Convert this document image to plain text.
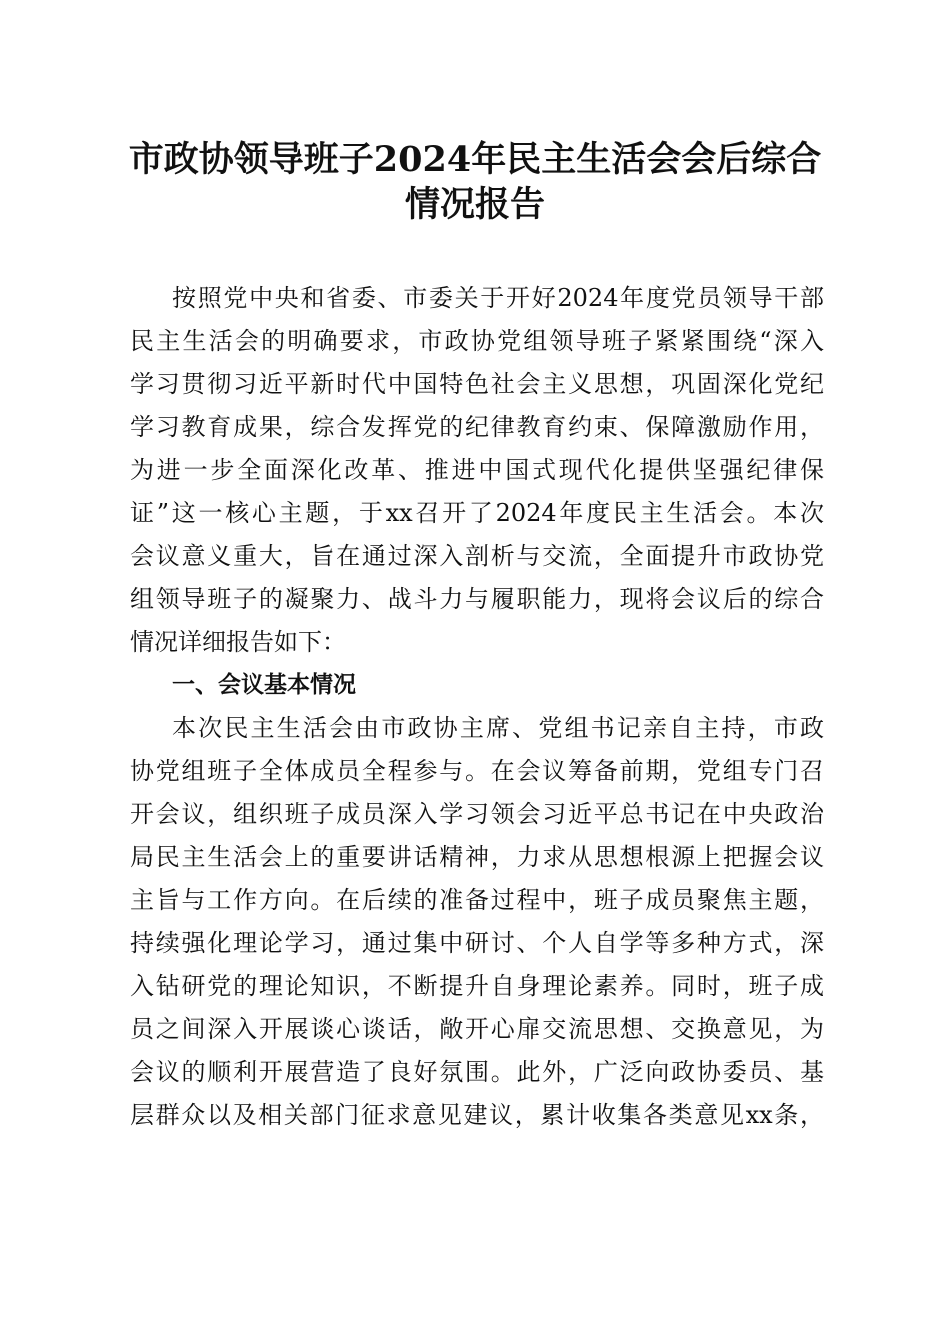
市政协领导班子2024年民主生活会会后综合
情况报告
按照党中央和省委、市委关于开好2024年度党员领导干部
民主生活会的明确要求，市政协党组领导班子紧紧围绕“深入
学习贯彻习近平新时代中国特色社会主义思想，巩固深化党纪
学习教育成果，综合发挥党的纪律教育约束、保障激励作用，
为进一步全面深化改革、推进中国式现代化提供坚强纪律保
证”这一核心主题，于xx召开了2024年度民主生活会。本次
会议意义重大，旨在通过深入剖析与交流，全面提升市政协党
组领导班子的凝聚力、战斗力与履职能力，现将会议后的综合
情况详细报告如下：
一、会议基本情况
本次民主生活会由市政协主席、党组书记亲自主持，市政
协党组班子全体成员全程参与。在会议筹备前期，党组专门召
开会议，组织班子成员深入学习领会习近平总书记在中央政治
局民主生活会上的重要讲话精神，力求从思想根源上把握会议
主旨与工作方向。在后续的准备过程中，班子成员聚焦主题，
持续强化理论学习，通过集中研讨、个人自学等多种方式，深
入钻研党的理论知识，不断提升自身理论素养。同时，班子成
员之间深入开展谈心谈话，敞开心扉交流思想、交换意见，为
会议的顺利开展营造了良好氛围。此外，广泛向政协委员、基
层群众以及相关部门征求意见建议，累计收集各类意见xx条，
